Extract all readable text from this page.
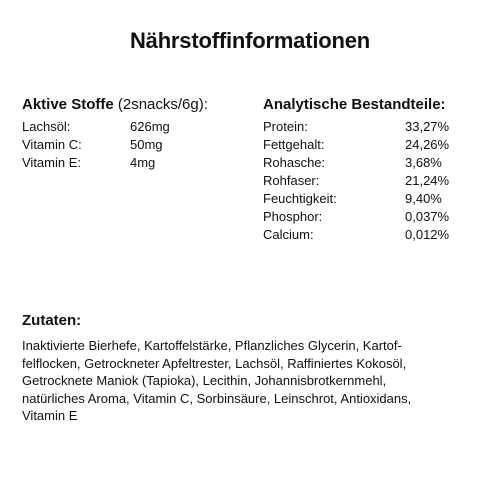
Nährstoffinformationen
Aktive Stoffe (2snacks/6g):
Lachsöl:	626mg
Vitamin C:	50mg
Vitamin E:	4mg
Analytische Bestandteile:
Protein:	33,27%
Fettgehalt:	24,26%
Rohasche:	3,68%
Rohfaser:	21,24%
Feuchtigkeit:	9,40%
Phosphor:	0,037%
Calcium:	0,012%
Zutaten:
Inaktivierte Bierhefe, Kartoffelstärke, Pflanzliches Glycerin, Kartof-
felflocken, Getrockneter Apfeltrester, Lachsöl, Raffiniertes Kokosöl,
Getrocknete Maniok (Tapioka), Lecithin, Johannisbrotkernmehl,
natürliches Aroma, Vitamin C, Sorbinsäure, Leinschrot, Antioxidans,
Vitamin E
